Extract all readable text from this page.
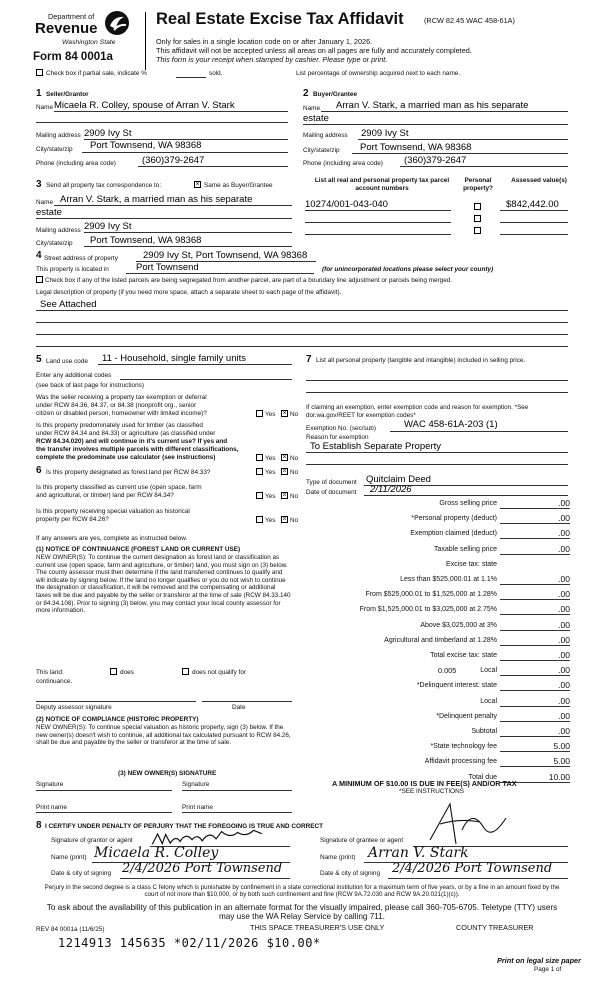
Department of
Revenue
Washington State
Form 84 0001a
Real Estate Excise Tax Affidavit	(RCW 82.45 WAC 458-61A)
Only for sales in a single location code on or after January 1, 2026.
This affidavit will not be accepted unless all areas on all pages are fully and accurately completed.
This form is your receipt when stamped by cashier. Please type or print.
Check box if partial sale, indicate %	sold.	List percentage of ownership acquired next to each name.
1 Seller/Grantor
Name Micaela R. Colley, spouse of Arran V. Stark
Mailing address 2909 Ivy St
City/state/zip Port Townsend, WA 98368
Phone (including area code)	(360)379-2647
2 Buyer/Grantee
Name Arran V. Stark, a married man as his separate
estate
Mailing address 2909 Ivy St
City/state/zip Port Townsend, WA 98368
Phone (including area code) (360)379-2647
3 Send all property tax correspondence to:	× Same as Buyer/Grantee
Name Arran V. Stark, a married man as his separate
estate
Mailing address 2909 Ivy St
City/state/zip Port Townsend, WA 98368
List all real and personal property tax parcel account numbers
Personal property?
Assessed value(s)
10274/001-043-040	$842,442.00
4 Street address of property	2909 Ivy St, Port Townsend, WA 98368
This property is located in	Port Townsend	(for unincorporated locations please select your county)
Check box if any of the listed parcels are being segregated from another parcel, are part of a boundary line adjustment or parcels being merged.
Legal description of property (if you need more space, attach a separate sheet to each page of the affidavit).
See Attached
5 Land use code 11 - Household, single family units
Enter any additional codes
(see back of last page for instructions)
Was the seller receiving a property tax exemption or deferral
under RCW 84.36, 84.37, or 84.38 (nonprofit org., senior
citizen or disabled person, homeowner with limited income)?	Yes × No
Is this property predominately used for timber (as classified
under RCW 84.34 and 84.33) or agriculture (as classified under
RCW 84.34.020) and will continue in it's current use? If yes and
the transfer involves multiple parcels with different classifications,
complete the predominate use calculator (see instructions)	Yes × No
6 Is this property designated as forest land per RCW 84.33?	Yes × No
Is this property classified as current use (open space, farm
and agricultural, or timber) land per RCW 84.34?	Yes × No
Is this property receiving special valuation as historical
property per RCW 84.26?	Yes × No
If any answers are yes, complete as instructed below.
(1) NOTICE OF CONTINUANCE (FOREST LAND OR CURRENT USE)

NEW OWNER(S): To continue the current designation as forest land or classification as current use (open space, farm and agriculture, or timber) land, you must sign on (3) below. The county assessor must then determine if the land transferred continues to qualify and will indicate by signing below. If the land no longer qualifies or you do not wish to continue the designation or classification, it will be removed and the compensating or additional taxes will be due and payable by the seller or transferor at the time of sale (RCW 84.33.140 or 84.34.108). Prior to signing (3) below, you may contact your local county assessor for more information.

This land:
continuance.
does	does not qualify for
Deputy assessor signature	Date
(2) NOTICE OF COMPLIANCE (HISTORIC PROPERTY)

NEW OWNER(S): To continue special valuation as historic property, sign (3) below. If the new owner(s) doesn't wish to continue, all additional tax calculated pursuant to RCW 84.26, shall be due and payable by the seller or transferor at the time of sale.

(3) NEW OWNER(S) SIGNATURE
Signature	Signature
Print name	Print name
7 List all personal property (tangible and intangible) included in selling price.

If claiming an exemption, enter exemption code and reason for exemption. *See dor.wa.gov/REET for exemption codes*

Exemption No. (sec/sub)	WAC 458-61A-203 (1)
Reason for exemption
To Establish Separate Property
Type of document Quitclaim Deed
Date of document 2/11/2026
Gross selling price	.00
*Personal property (deduct)	.00
Exemption claimed (deduct)	.00
Taxable selling price	.00
Excise tax: state
Less than $525,000.01 at 1.1%	.00
From $525,000.01 to $1,525,000 at 1.28%	.00
From $1,525,000.01 to $3,025,000 at 2.75%	.00
Above $3,025,000 at 3%	.00
Agricultural and timberland at 1.28%	.00
Total excise tax: state	.00
Local	.00
*Delinquent interest: state	.00
Local	.00
*Delinquent penalty	.00
Subtotal	.00
*State technology fee	5.00
Affidavit processing fee	5.00
Total due	10.00
0.005
A MINIMUM OF $10.00 IS DUE IN FEE(S) AND/OR TAX
*SEE INSTRUCTIONS
8 I CERTIFY UNDER PENALTY OF PERJURY THAT THE FOREGOING IS TRUE AND CORRECT
Signature of grantor or agent
Name (print) Micaela R. Colley
Date & city of signing 2/4/2026 Port Townsend
Signature of grantee or agent
Name (print) Arran V. Stark
Date & city of signing 2/4/2026 Port Townsend

Perjury in the second degree is a class C felony which is punishable by confinement in a state correctional institution for a maximum term of five years, or by a fine in an amount fixed by the court of not more than $10,000, or by both such confinement and fine (RCW 9A.72.030 and RCW 9A.20.021(1)(c)).

To ask about the availability of this publication in an alternate format for the visually impaired, please call 360-705-6705. Teletype (TTY) users may use the WA Relay Service by calling 711.

REV 84 0001a (11/6/25)	THIS SPACE TREASURER'S USE ONLY	COUNTY TREASURER
1214913 145635 *02/11/2026 $10.00*
Print on legal size paper
Page 1 of
